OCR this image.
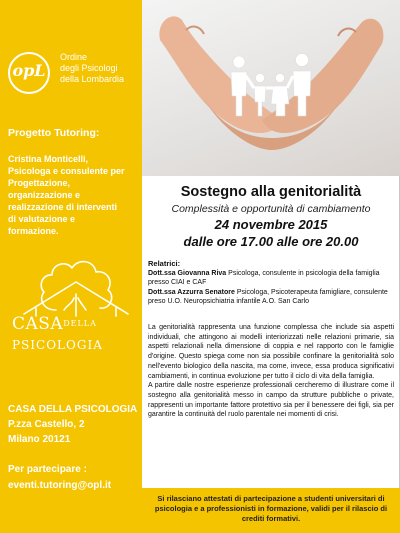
opL
Ordine
degli Psicologi
della Lombardia
Progetto Tutoring:
Cristina Monticelli,
Psicologa e consulente per
Progettazione,
organizzazione e
realizzazione di interventi
di valutazione e
formazione.
CASADELLA
PSICOLOGIA
CASA DELLA PSICOLOGIA
P.zza Castello, 2
Milano 20121
Per partecipare :
eventi.tutoring@opl.it
Sostegno alla genitorialità
Complessità e opportunità di cambiamento
24 novembre 2015
dalle ore 17.00 alle ore 20.00
Relatrici:
Dott.ssa Giovanna Riva Psicologa, consulente in psicologia della famiglia presso CIAI e CAF
Dott.ssa Azzurra Senatore Psicologa, Psicoterapeuta famigliare, consulente preso U.O. Neuropsichiatria infantile A.O. San Carlo

La genitorialità rappresenta una funzione complessa che include sia aspetti individuali, che attingono ai modelli interiorizzati nelle relazioni primarie, sia aspetti relazionali nella dimensione di coppia e nel rapporto con le famiglie d'origine. Questo spiega come non sia possibile confinare la genitorialità solo nell'evento biologico della nascita, ma come, invece, essa produca significativi cambiamenti, in continua evoluzione per tutto il ciclo di vita della famiglia.

A partire dalle nostre esperienze professionali cercheremo di illustrare come il sostegno alla genitorialità messo in campo da strutture pubbliche o private, rappresenti un importante fattore protettivo sia per il benessere dei figli, sia per garantire la continuità del ruolo parentale nei momenti di crisi.

Si rilasciano attestati di partecipazione a studenti universitari di psicologia e a professionisti in formazione, validi per il rilascio di crediti formativi.
